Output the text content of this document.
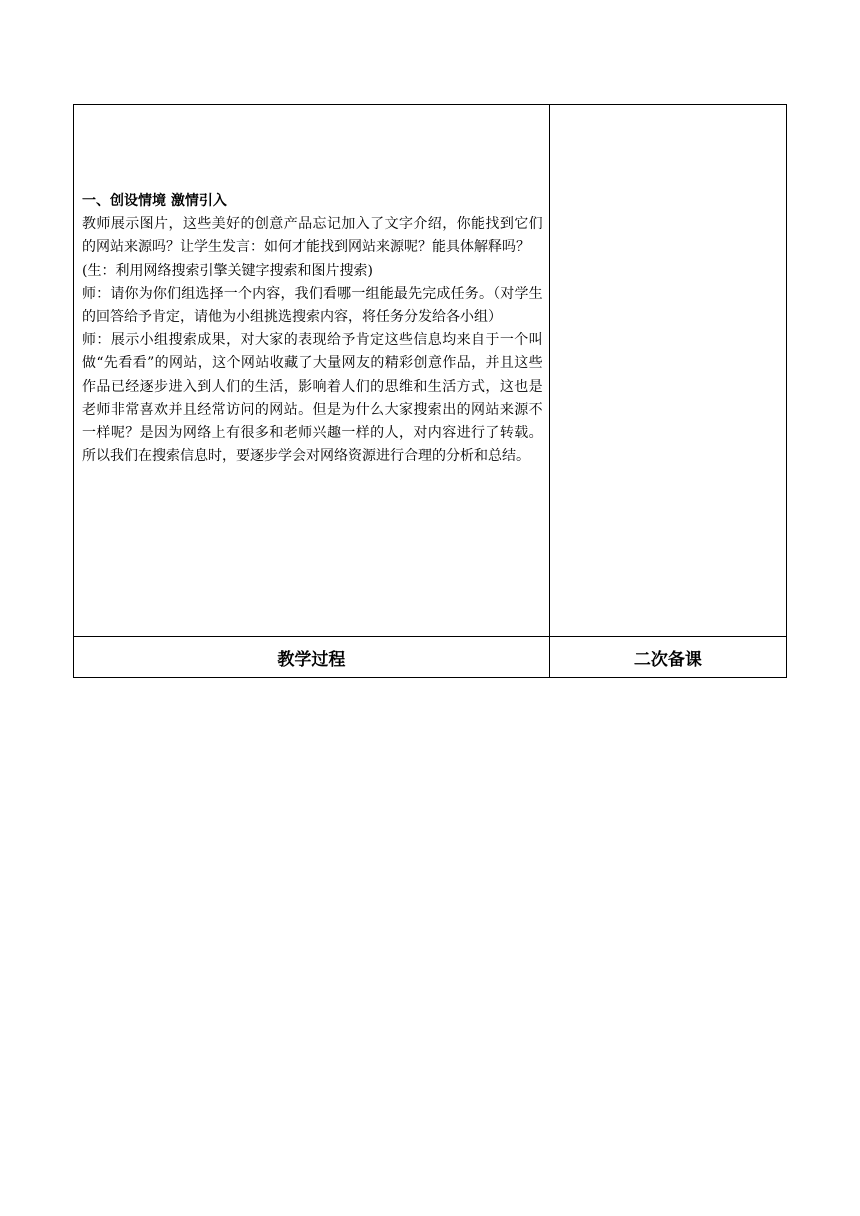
一、创设情境 激情引入

教师展示图片，这些美好的创意产品忘记加入了文字介绍，你能找到它们的网站来源吗？让学生发言：如何才能找到网站来源呢？能具体解释吗？

(生：利用网络搜索引擎关键字搜索和图片搜索)

师：请你为你们组选择一个内容，我们看哪一组能最先完成任务。（对学生的回答给予肯定，请他为小组挑选搜索内容，将任务分发给各小组）

师：展示小组搜索成果，对大家的表现给予肯定这些信息均来自于一个叫做“先看看”的网站，这个网站收藏了大量网友的精彩创意作品，并且这些作品已经逐步进入到人们的生活，影响着人们的思维和生活方式，这也是老师非常喜欢并且经常访问的网站。但是为什么大家搜索出的网站来源不一样呢？是因为网络上有很多和老师兴趣一样的人，对内容进行了转载。所以我们在搜索信息时，要逐步学会对网络资源进行合理的分析和总结。	

教学过程	二次备课
